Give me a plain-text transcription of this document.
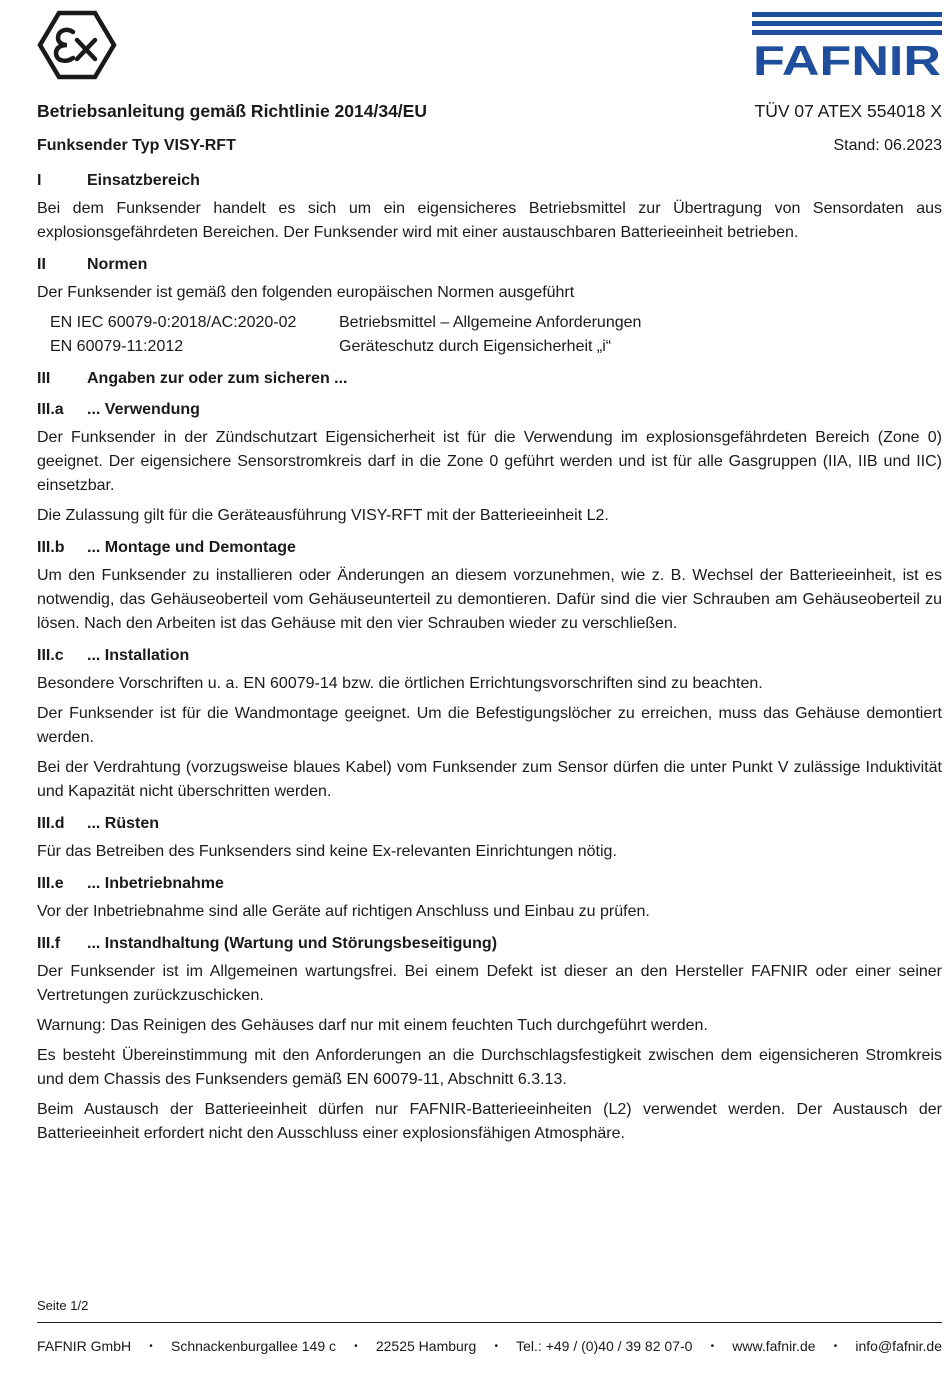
FAFNIR
Betriebsanleitung gemäß Richtlinie 2014/34/EU	TÜV 07 ATEX 554018 X
Funksender Typ VISY-RFT	Stand: 06.2023
I	Einsatzbereich

Bei dem Funksender handelt es sich um ein eigensicheres Betriebsmittel zur Übertragung von Sensordaten aus explosionsgefährdeten Bereichen. Der Funksender wird mit einer austauschbaren Batterieeinheit betrieben.

II	Normen

Der Funksender ist gemäß den folgenden europäischen Normen ausgeführt

EN IEC 60079-0:2018/AC:2020-02	Betriebsmittel – Allgemeine Anforderungen
EN 60079-11:2012	Geräteschutz durch Eigensicherheit „i“
III	Angaben zur oder zum sicheren ...
III.a	... Verwendung

Der Funksender in der Zündschutzart Eigensicherheit ist für die Verwendung im explosionsgefährdeten Bereich (Zone 0) geeignet. Der eigensichere Sensorstromkreis darf in die Zone 0 geführt werden und ist für alle Gasgruppen (IIA, IIB und IIC) einsetzbar.

Die Zulassung gilt für die Geräteausführung VISY-RFT mit der Batterieeinheit L2.

III.b	... Montage und Demontage

Um den Funksender zu installieren oder Änderungen an diesem vorzunehmen, wie z. B. Wechsel der Batterieeinheit, ist es notwendig, das Gehäuseoberteil vom Gehäuseunterteil zu demontieren. Dafür sind die vier Schrauben am Gehäuseoberteil zu lösen. Nach den Arbeiten ist das Gehäuse mit den vier Schrauben wieder zu verschließen.

III.c	... Installation

Besondere Vorschriften u. a. EN 60079-14 bzw. die örtlichen Errichtungsvorschriften sind zu beachten.

Der Funksender ist für die Wandmontage geeignet. Um die Befestigungslöcher zu erreichen, muss das Gehäuse demontiert werden.

Bei der Verdrahtung (vorzugsweise blaues Kabel) vom Funksender zum Sensor dürfen die unter Punkt V zulässige Induktivität und Kapazität nicht überschritten werden.

III.d	... Rüsten

Für das Betreiben des Funksenders sind keine Ex-relevanten Einrichtungen nötig.

III.e	... Inbetriebnahme

Vor der Inbetriebnahme sind alle Geräte auf richtigen Anschluss und Einbau zu prüfen.

III.f	... Instandhaltung (Wartung und Störungsbeseitigung)

Der Funksender ist im Allgemeinen wartungsfrei. Bei einem Defekt ist dieser an den Hersteller FAFNIR oder einer seiner Vertretungen zurückzuschicken.

Warnung: Das Reinigen des Gehäuses darf nur mit einem feuchten Tuch durchgeführt werden.

Es besteht Übereinstimmung mit den Anforderungen an die Durchschlagsfestigkeit zwischen dem eigensicheren Stromkreis und dem Chassis des Funksenders gemäß EN 60079-11, Abschnitt 6.3.13.

Beim Austausch der Batterieeinheit dürfen nur FAFNIR-Batterieeinheiten (L2) verwendet werden. Der Austausch der Batterieeinheit erfordert nicht den Ausschluss einer explosionsfähigen Atmosphäre.

Seite 1/2
FAFNIR GmbH • Schnackenburgallee 149 c • 22525 Hamburg • Tel.: +49 / (0)40 / 39 82 07-0 • www.fafnir.de • info@fafnir.de
